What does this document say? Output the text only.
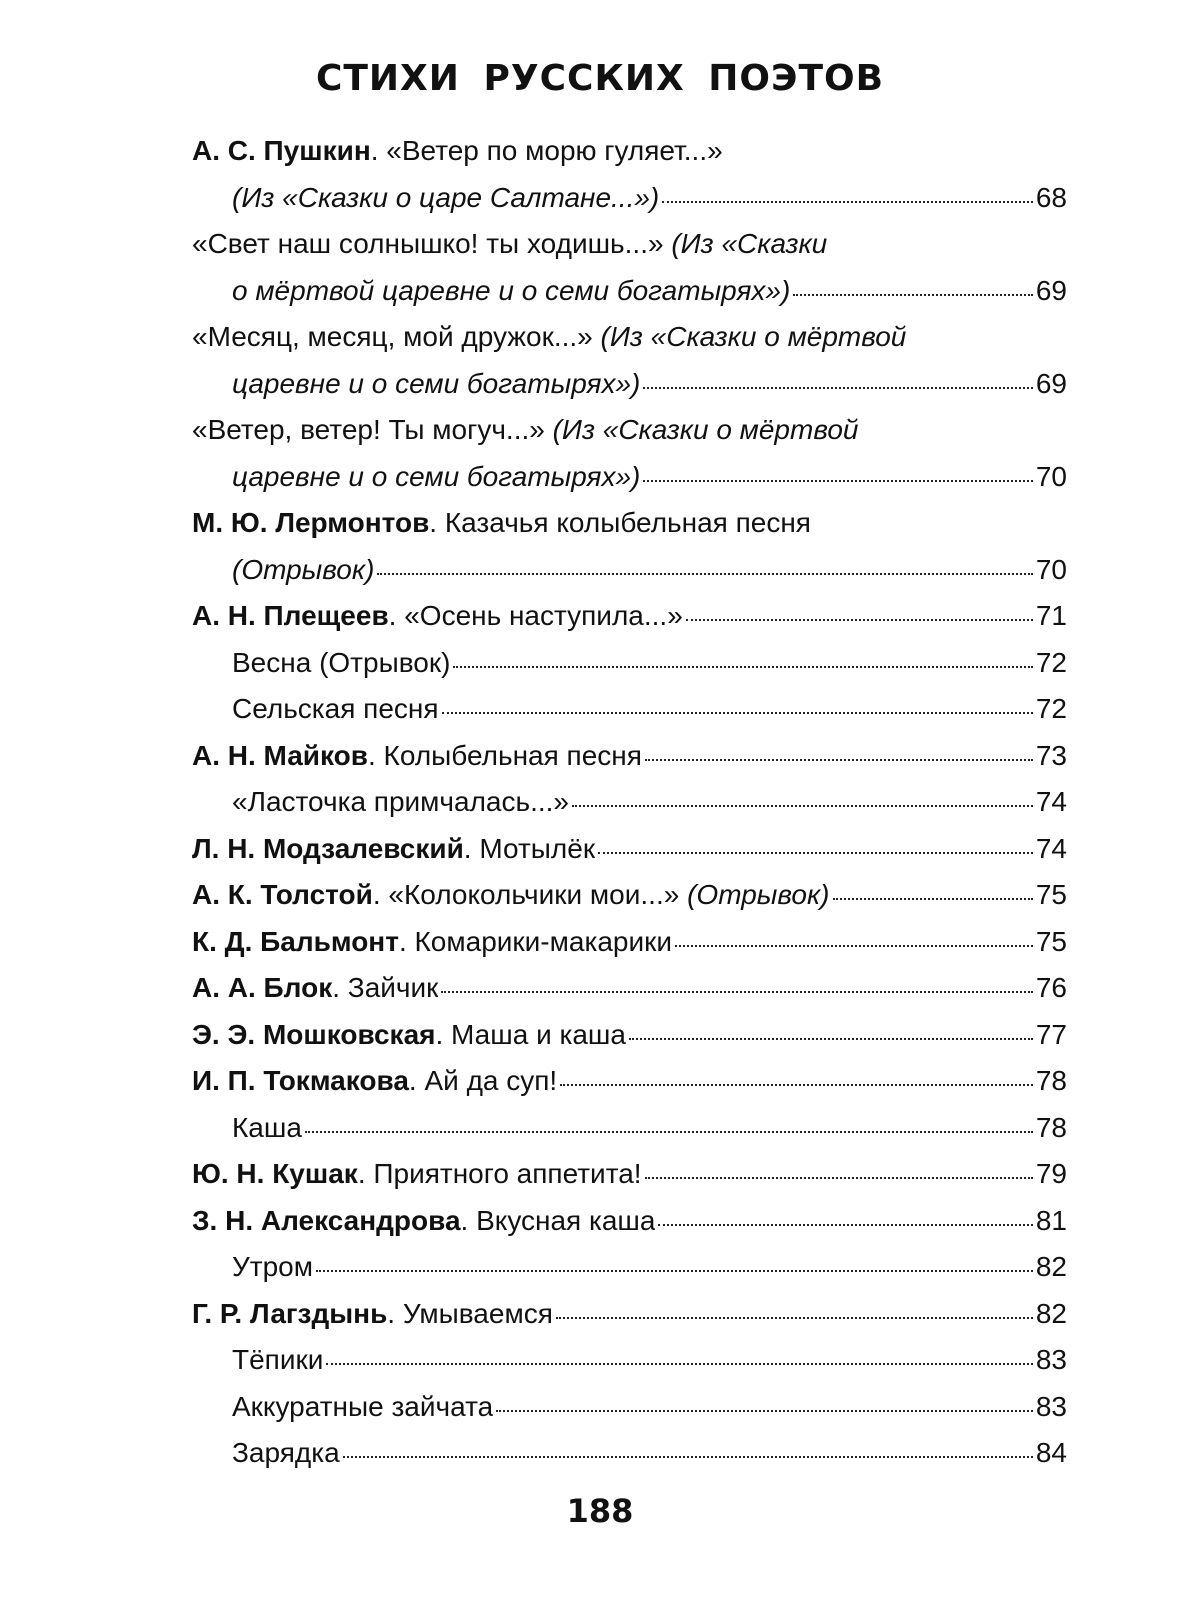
СТИХИ РУССКИХ ПОЭТОВ
А. С. Пушкин. «Ветер по морю гуляет...»
(Из «Сказки о царе Салтане...»)	68
«Свет наш солнышко! ты ходишь...» (Из «Сказки
о мёртвой царевне и о семи богатырях»)	69
«Месяц, месяц, мой дружок...» (Из «Сказки о мёртвой
царевне и о семи богатырях»)	69
«Ветер, ветер! Ты могуч...» (Из «Сказки о мёртвой
царевне и о семи богатырях»)	70
М. Ю. Лермонтов. Казачья колыбельная песня
(Отрывок)	70
А. Н. Плещеев. «Осень наступила...»	71
Весна (Отрывок)	72
Сельская песня	72
А. Н. Майков. Колыбельная песня	73
«Ласточка примчалась...»	74
Л. Н. Модзалевский. Мотылёк	74
А. К. Толстой. «Колокольчики мои...» (Отрывок)	75
К. Д. Бальмонт. Комарики-макарики	75
А. А. Блок. Зайчик	76
Э. Э. Мошковская. Маша и каша	77
И. П. Токмакова. Ай да суп!	78
Каша	78
Ю. Н. Кушак. Приятного аппетита!	79
З. Н. Александрова. Вкусная каша	81
Утром	82
Г. Р. Лагздынь. Умываемся	82
Тёпики	83
Аккуратные зайчата	83
Зарядка	84
188
